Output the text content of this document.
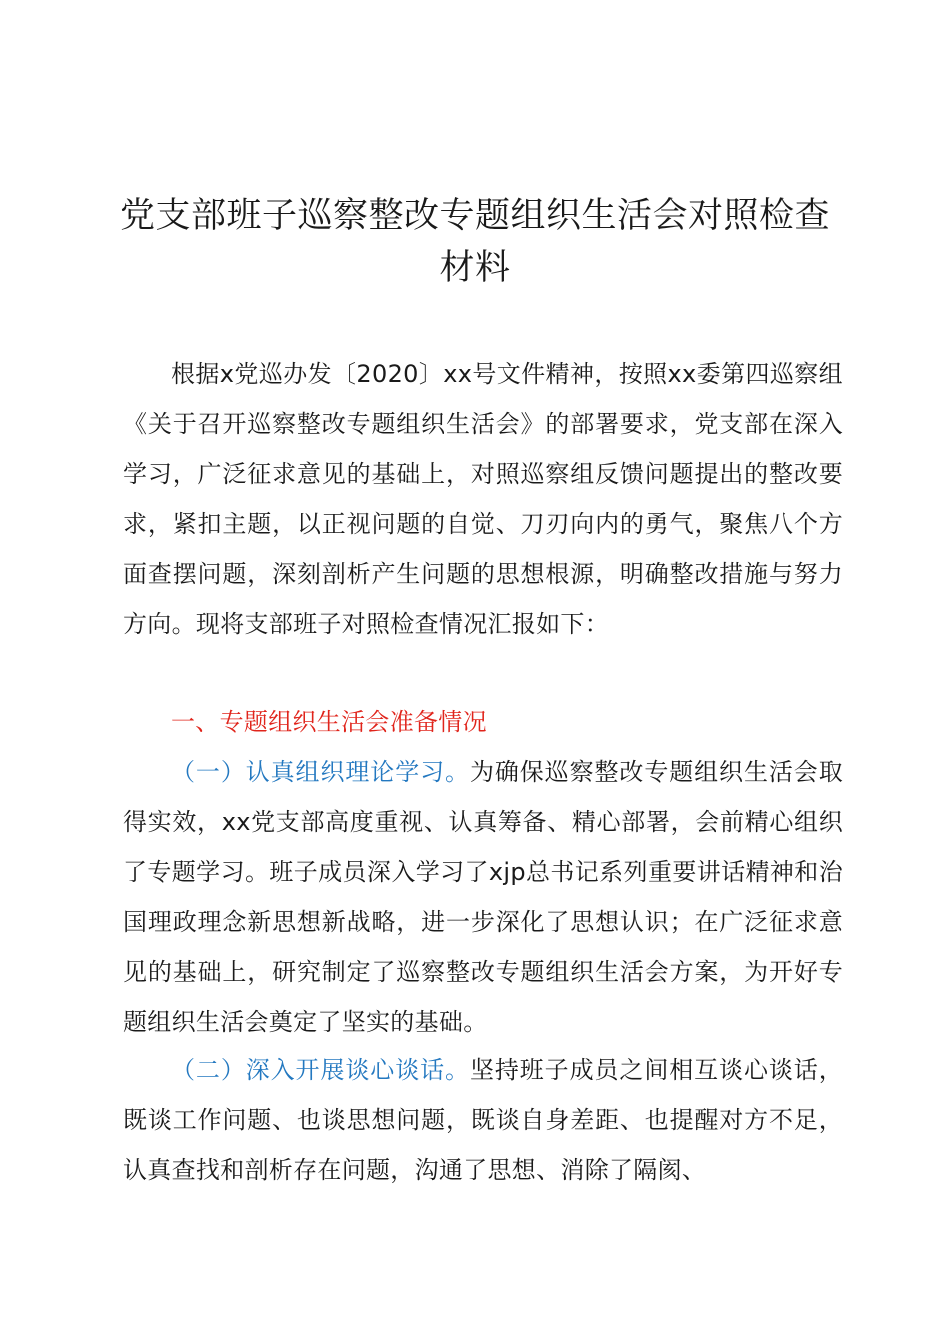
党支部班子巡察整改专题组织生活会对照检查
材料

根据x党巡办发〔2020〕xx号文件精神，按照xx委第四巡察组《关于召开巡察整改专题组织生活会》的部署要求，党支部在深入学习，广泛征求意见的基础上，对照巡察组反馈问题提出的整改要求，紧扣主题，以正视问题的自觉、刀刃向内的勇气，聚焦八个方面查摆问题，深刻剖析产生问题的思想根源，明确整改措施与努力方向。现将支部班子对照检查情况汇报如下：

一、专题组织生活会准备情况

（一）认真组织理论学习。为确保巡察整改专题组织生活会取得实效，xx党支部高度重视、认真筹备、精心部署，会前精心组织了专题学习。班子成员深入学习了xjp总书记系列重要讲话精神和治国理政理念新思想新战略，进一步深化了思想认识；在广泛征求意见的基础上，研究制定了巡察整改专题组织生活会方案，为开好专题组织生活会奠定了坚实的基础。

（二）深入开展谈心谈话。坚持班子成员之间相互谈心谈话，既谈工作问题、也谈思想问题，既谈自身差距、也提醒对方不足，认真查找和剖析存在问题，沟通了思想、消除了隔阂、
